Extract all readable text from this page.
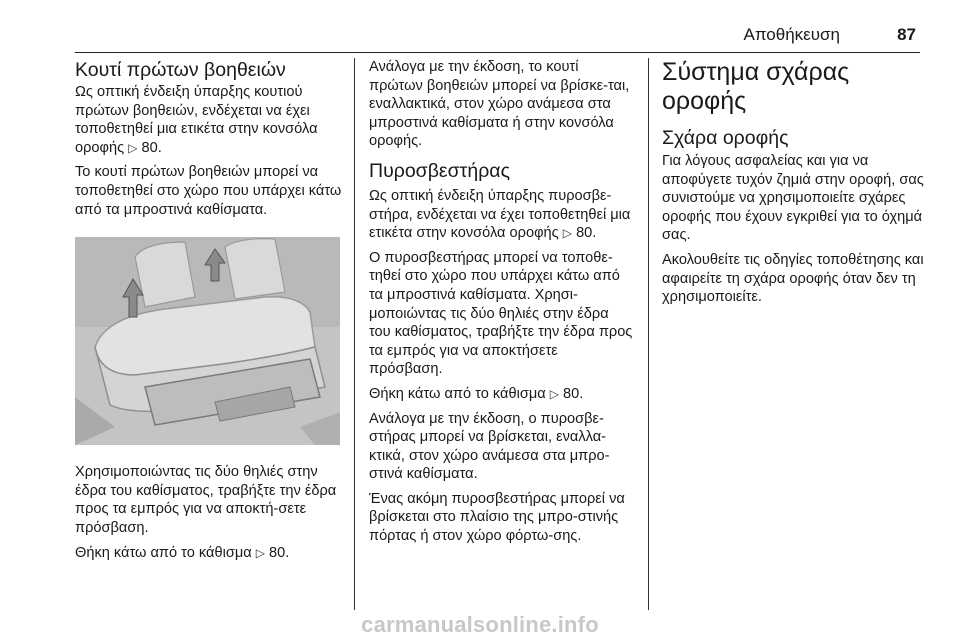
Αποθήκευση	87
Κουτί πρώτων βοηθειών

Ως οπτική ένδειξη ύπαρξης κουτιού πρώτων βοηθειών, ενδέχεται να έχει τοποθετηθεί μια ετικέτα στην κονσόλα οροφής ▷ 80.

Το κουτί πρώτων βοηθειών μπορεί να τοποθετηθεί στο χώρο που υπάρχει κάτω από τα μπροστινά καθίσματα.

Χρησιμοποιώντας τις δύο θηλιές στην έδρα του καθίσματος, τραβήξτε την έδρα προς τα εμπρός για να αποκτή-σετε πρόσβαση.

Θήκη κάτω από το κάθισμα ▷ 80.

Ανάλογα με την έκδοση, το κουτί πρώτων βοηθειών μπορεί να βρίσκε-ται, εναλλακτικά, στον χώρο ανάμεσα στα μπροστινά καθίσματα ή στην κονσόλα οροφής.

Πυροσβεστήρας

Ως οπτική ένδειξη ύπαρξης πυροσβε-στήρα, ενδέχεται να έχει τοποθετηθεί μια ετικέτα στην κονσόλα οροφής ▷ 80.

Ο πυροσβεστήρας μπορεί να τοποθε-τηθεί στο χώρο που υπάρχει κάτω από τα μπροστινά καθίσματα. Χρησι-μοποιώντας τις δύο θηλιές στην έδρα του καθίσματος, τραβήξτε την έδρα προς τα εμπρός για να αποκτήσετε πρόσβαση.

Θήκη κάτω από το κάθισμα ▷ 80.

Ανάλογα με την έκδοση, ο πυροσβε-στήρας μπορεί να βρίσκεται, εναλλα-κτικά, στον χώρο ανάμεσα στα μπρο-στινά καθίσματα.

Ένας ακόμη πυροσβεστήρας μπορεί να βρίσκεται στο πλαίσιο της μπρο-στινής πόρτας ή στον χώρο φόρτω-σης.

Σύστημα σχάρας οροφής
Σχάρα οροφής

Για λόγους ασφαλείας και για να αποφύγετε τυχόν ζημιά στην οροφή, σας συνιστούμε να χρησιμοποιείτε σχάρες οροφής που έχουν εγκριθεί για το όχημά σας.

Ακολουθείτε τις οδηγίες τοποθέτησης και αφαιρείτε τη σχάρα οροφής όταν δεν τη χρησιμοποιείτε.

carmanualsonline.info
